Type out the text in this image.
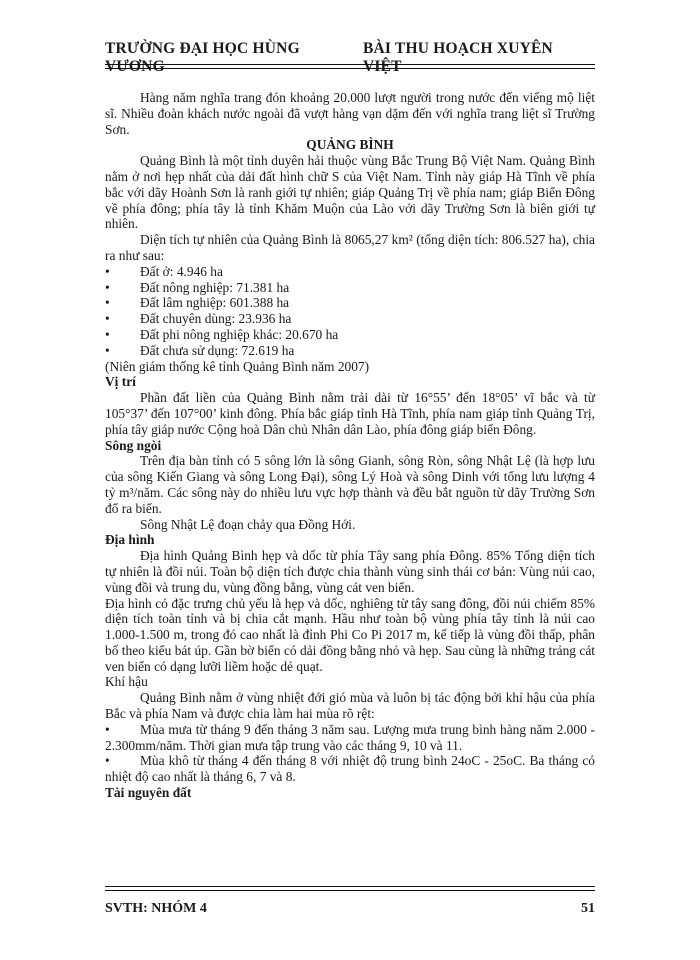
TRƯỜNG ĐẠI HỌC HÙNG VƯƠNG
BÀI THU HOẠCH XUYÊN VIỆT

Hàng năm nghĩa trang đón khoảng 20.000 lượt người trong nước đến viếng mộ liệt sĩ. Nhiều đoàn khách nước ngoài đã vượt hàng vạn dặm đến với nghĩa trang liệt sĩ Trường Sơn.

QUẢNG BÌNH

Quảng Bình là một tỉnh duyên hải thuộc vùng Bắc Trung Bộ Việt Nam. Quảng Bình nằm ở nơi hẹp nhất của dải đất hình chữ S của Việt Nam. Tỉnh này giáp Hà Tĩnh về phía bắc với dãy Hoành Sơn là ranh giới tự nhiên; giáp Quảng Trị về phía nam; giáp Biển Đông về phía đông; phía tây là tỉnh Khăm Muộn của Lào với dãy Trường Sơn là biên giới tự nhiên.

Diện tích tự nhiên của Quảng Bình là 8065,27 km² (tổng diện tích: 806.527 ha), chia ra như sau:

• Đất ở: 4.946 ha
• Đất nông nghiệp: 71.381 ha
• Đất lâm nghiệp: 601.388 ha
• Đất chuyên dùng: 23.936 ha
• Đất phi nông nghiệp khác: 20.670 ha
• Đất chưa sử dụng: 72.619 ha

(Niên giám thống kê tỉnh Quảng Bình năm 2007)

Vị trí

Phần đất liền của Quảng Bình nằm trải dài từ 16°55’ đến 18°05’ vĩ bắc và từ 105°37’ đến 107°00’ kinh đông. Phía bắc giáp tỉnh Hà Tĩnh, phía nam giáp tỉnh Quảng Trị, phía tây giáp nước Cộng hoà Dân chủ Nhân dân Lào, phía đông giáp biển Đông.

Sông ngòi

Trên địa bàn tỉnh có 5 sông lớn là sông Gianh, sông Ròn, sông Nhật Lệ (là hợp lưu của sông Kiến Giang và sông Long Đại), sông Lý Hoà và sông Dinh với tổng lưu lượng 4 tỷ m³/năm. Các sông này do nhiều lưu vực hợp thành và đều bắt nguồn từ dãy Trường Sơn đổ ra biển.

Sông Nhật Lệ đoạn chảy qua Đồng Hới.

Địa hình

Địa hình Quảng Bình hẹp và dốc từ phía Tây sang phía Đông. 85% Tổng diện tích tự nhiên là đồi núi. Toàn bộ diện tích được chia thành vùng sinh thái cơ bản: Vùng núi cao, vùng đồi và trung du, vùng đồng bằng, vùng cát ven biển.

Địa hình có đặc trưng chủ yếu là hẹp và dốc, nghiêng từ tây sang đông, đồi núi chiếm 85% diện tích toàn tỉnh và bị chia cắt mạnh. Hầu như toàn bộ vùng phía tây tỉnh là núi cao 1.000-1.500 m, trong đó cao nhất là đỉnh Phi Co Pi 2017 m, kế tiếp là vùng đồi thấp, phân bố theo kiểu bát úp. Gần bờ biển có dải đồng bằng nhỏ và hẹp. Sau cùng là những trảng cát ven biển có dạng lưỡi liềm hoặc dẻ quạt.

Khí hậu

Quảng Bình nằm ở vùng nhiệt đới gió mùa và luôn bị tác động bởi khí hậu của phía Bắc và phía Nam và được chia làm hai mùa rõ rệt:

• Mùa mưa từ tháng 9 đến tháng 3 năm sau. Lượng mưa trung bình hàng năm 2.000 - 2.300mm/năm. Thời gian mưa tập trung vào các tháng 9, 10 và 11.
• Mùa khô từ tháng 4 đến tháng 8 với nhiệt độ trung bình 24oC - 25oC. Ba tháng có nhiệt độ cao nhất là tháng 6, 7 và 8.

Tài nguyên đất

SVTH: NHÓM 4	51
